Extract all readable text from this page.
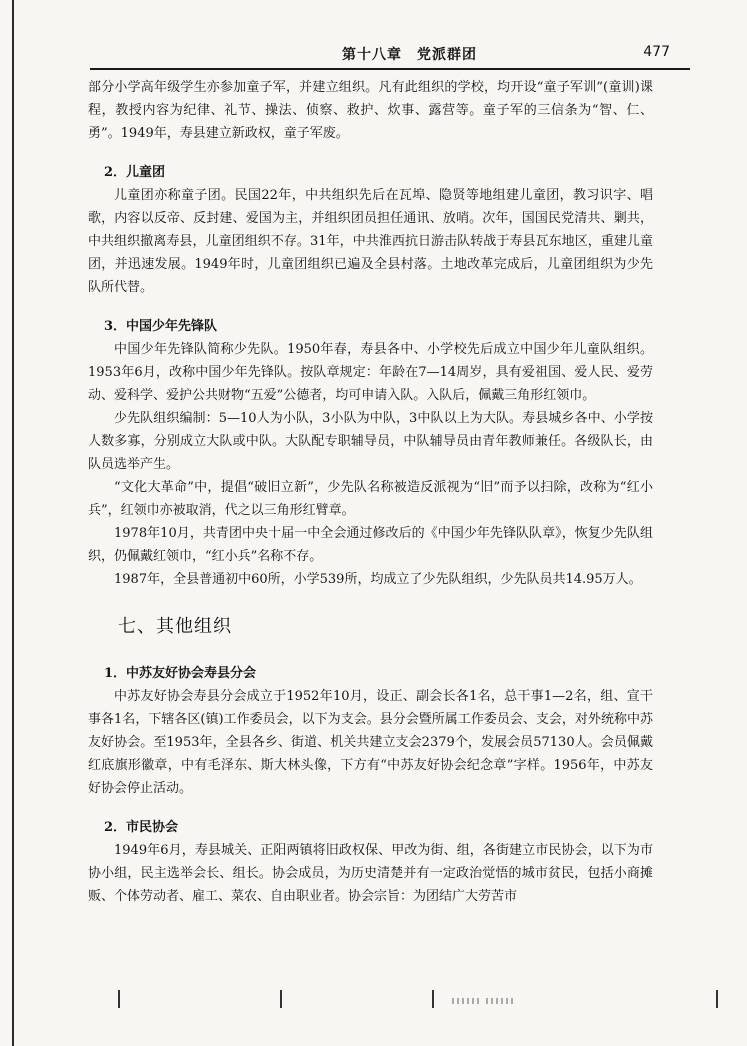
第十八章　党派群团	477

部分小学高年级学生亦参加童子军，并建立组织。凡有此组织的学校，均开设“童子军训”(童训)课程，教授内容为纪律、礼节、操法、侦察、救护、炊事、露营等。童子军的三信条为“智、仁、勇”。1949年，寿县建立新政权，童子军废。

2．儿童团

儿童团亦称童子团。民国22年，中共组织先后在瓦埠、隐贤等地组建儿童团，教习识字、唱歌，内容以反帝、反封建、爱国为主，并组织团员担任通讯、放哨。次年，国国民党清共、剿共，中共组织撤离寿县，儿童团组织不存。31年，中共淮西抗日游击队转战于寿县瓦东地区，重建儿童团，并迅速发展。1949年时，儿童团组织已遍及全县村落。土地改革完成后，儿童团组织为少先队所代替。

3．中国少年先锋队

中国少年先锋队简称少先队。1950年春，寿县各中、小学校先后成立中国少年儿童队组织。1953年6月，改称中国少年先锋队。按队章规定：年龄在7—14周岁，具有爱祖国、爱人民、爱劳动、爱科学、爱护公共财物“五爱”公德者，均可申请入队。入队后，佩戴三角形红领巾。

少先队组织编制：5—10人为小队，3小队为中队，3中队以上为大队。寿县城乡各中、小学按人数多寡，分别成立大队或中队。大队配专职辅导员，中队辅导员由青年教师兼任。各级队长，由队员选举产生。

“文化大革命”中，提倡“破旧立新”，少先队名称被造反派视为“旧”而予以扫除，改称为“红小兵”，红领巾亦被取消，代之以三角形红臂章。

1978年10月，共青团中央十届一中全会通过修改后的《中国少年先锋队队章》，恢复少先队组织，仍佩戴红领巾，“红小兵”名称不存。

1987年，全县普通初中60所，小学539所，均成立了少先队组织，少先队员共14.95万人。

七、其他组织

1．中苏友好协会寿县分会

中苏友好协会寿县分会成立于1952年10月，设正、副会长各1名，总干事1—2名，组、宣干事各1名，下辖各区(镇)工作委员会，以下为支会。县分会暨所属工作委员会、支会，对外统称中苏友好协会。至1953年，全县各乡、街道、机关共建立支会2379个，发展会员57130人。会员佩戴红底旗形徽章，中有毛泽东、斯大林头像，下方有“中苏友好协会纪念章”字样。1956年，中苏友好协会停止活动。

2．市民协会

1949年6月，寿县城关、正阳两镇将旧政权保、甲改为街、组，各街建立市民协会，以下为市协小组，民主选举会长、组长。协会成员，为历史清楚并有一定政治觉悟的城市贫民，包括小商摊贩、个体劳动者、雇工、菜农、自由职业者。协会宗旨：为团结广大劳苦市
